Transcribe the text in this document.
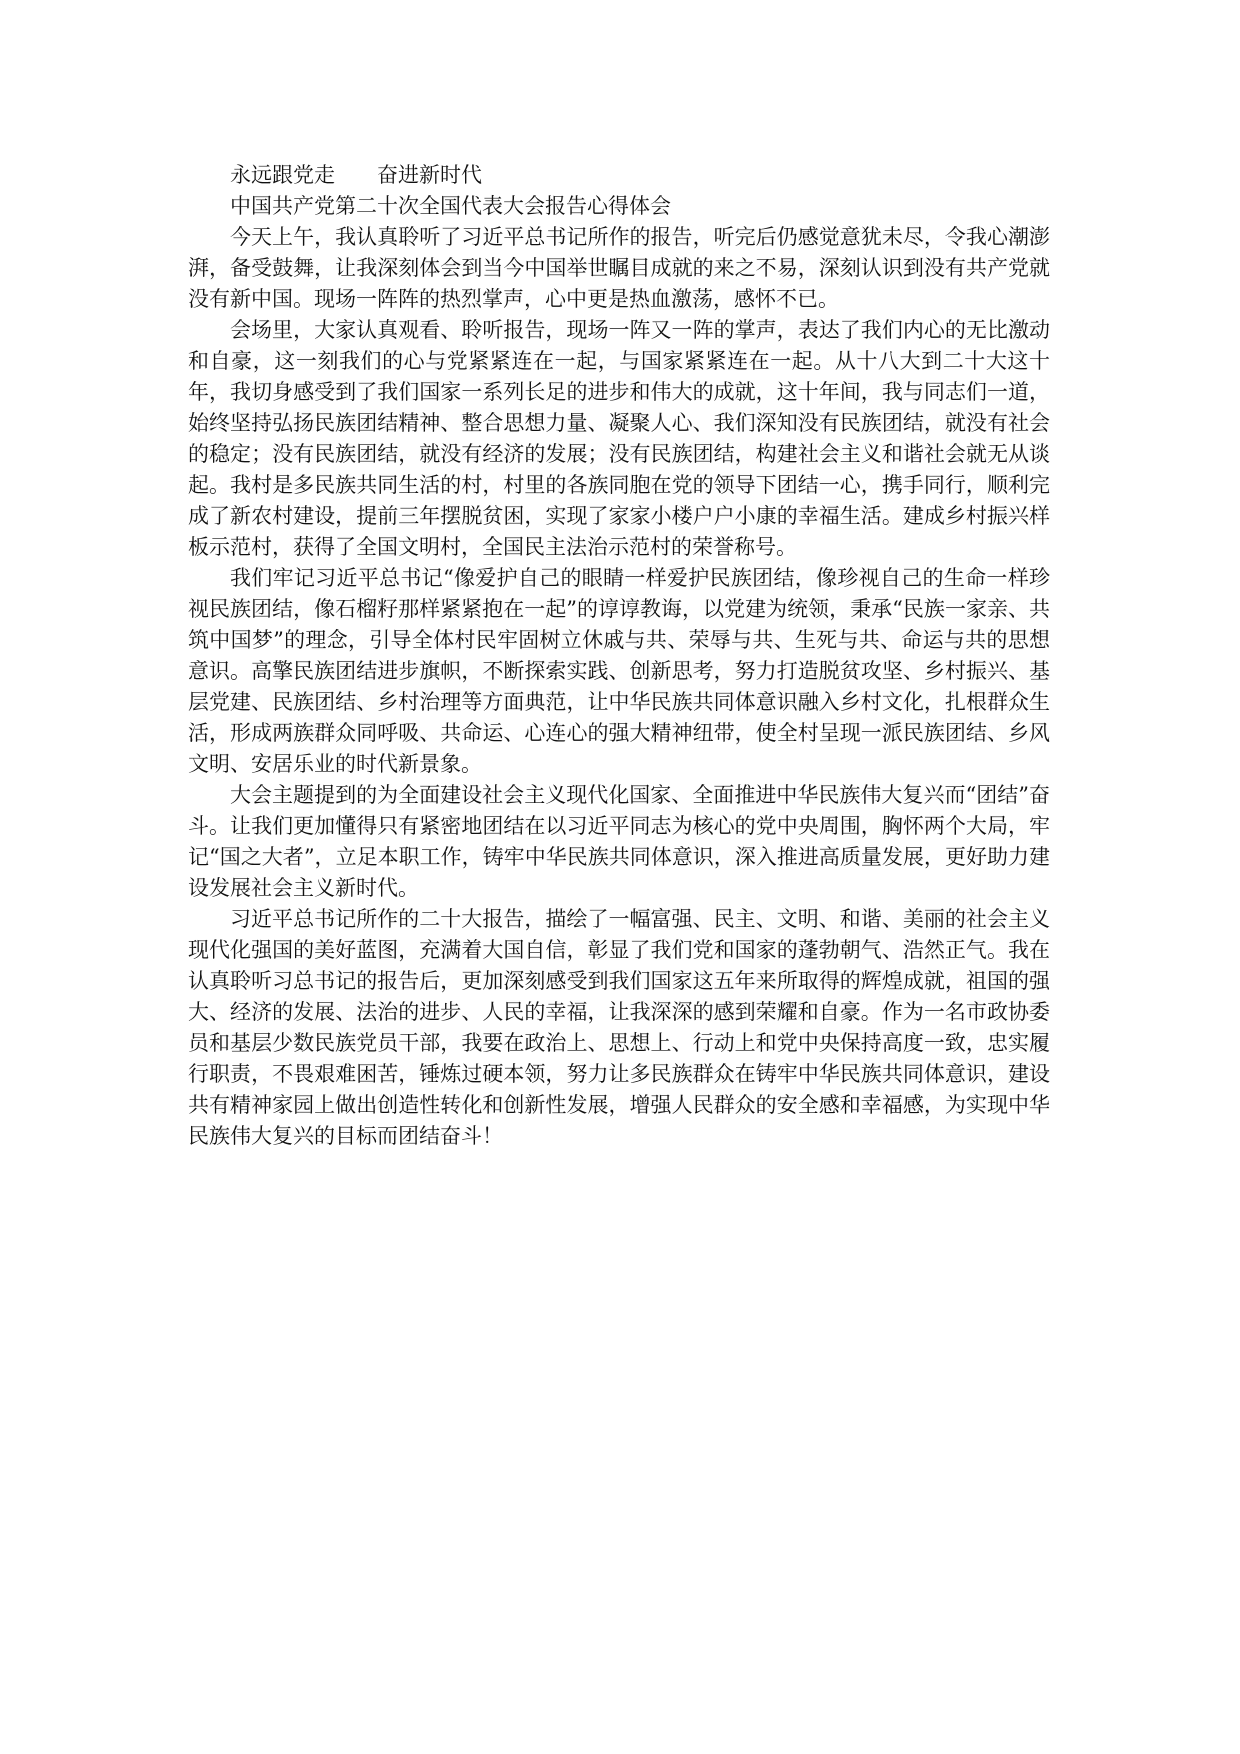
永远跟党走　　奋进新时代
中国共产党第二十次全国代表大会报告心得体会

今天上午，我认真聆听了习近平总书记所作的报告，听完后仍感觉意犹未尽，令我心潮澎湃，备受鼓舞，让我深刻体会到当今中国举世瞩目成就的来之不易，深刻认识到没有共产党就没有新中国。现场一阵阵的热烈掌声，心中更是热血激荡，感怀不已。

会场里，大家认真观看、聆听报告，现场一阵又一阵的掌声，表达了我们内心的无比激动和自豪，这一刻我们的心与党紧紧连在一起，与国家紧紧连在一起。从十八大到二十大这十年，我切身感受到了我们国家一系列长足的进步和伟大的成就，这十年间，我与同志们一道，始终坚持弘扬民族团结精神、整合思想力量、凝聚人心、我们深知没有民族团结，就没有社会的稳定；没有民族团结，就没有经济的发展；没有民族团结，构建社会主义和谐社会就无从谈起。我村是多民族共同生活的村，村里的各族同胞在党的领导下团结一心，携手同行，顺利完成了新农村建设，提前三年摆脱贫困，实现了家家小楼户户小康的幸福生活。建成乡村振兴样板示范村，获得了全国文明村，全国民主法治示范村的荣誉称号。

我们牢记习近平总书记“像爱护自己的眼睛一样爱护民族团结，像珍视自己的生命一样珍视民族团结，像石榴籽那样紧紧抱在一起”的谆谆教诲，以党建为统领，秉承“民族一家亲、共筑中国梦”的理念，引导全体村民牢固树立休戚与共、荣辱与共、生死与共、命运与共的思想意识。高擎民族团结进步旗帜，不断探索实践、创新思考，努力打造脱贫攻坚、乡村振兴、基层党建、民族团结、乡村治理等方面典范，让中华民族共同体意识融入乡村文化，扎根群众生活，形成两族群众同呼吸、共命运、心连心的强大精神纽带，使全村呈现一派民族团结、乡风文明、安居乐业的时代新景象。

大会主题提到的为全面建设社会主义现代化国家、全面推进中华民族伟大复兴而“团结”奋斗。让我们更加懂得只有紧密地团结在以习近平同志为核心的党中央周围，胸怀两个大局，牢记“国之大者”，立足本职工作，铸牢中华民族共同体意识，深入推进高质量发展，更好助力建设发展社会主义新时代。

习近平总书记所作的二十大报告，描绘了一幅富强、民主、文明、和谐、美丽的社会主义现代化强国的美好蓝图，充满着大国自信，彰显了我们党和国家的蓬勃朝气、浩然正气。我在认真聆听习总书记的报告后，更加深刻感受到我们国家这五年来所取得的辉煌成就，祖国的强大、经济的发展、法治的进步、人民的幸福，让我深深的感到荣耀和自豪。作为一名市政协委员和基层少数民族党员干部，我要在政治上、思想上、行动上和党中央保持高度一致，忠实履行职责，不畏艰难困苦，锤炼过硬本领，努力让多民族群众在铸牢中华民族共同体意识，建设共有精神家园上做出创造性转化和创新性发展，增强人民群众的安全感和幸福感，为实现中华民族伟大复兴的目标而团结奋斗！
